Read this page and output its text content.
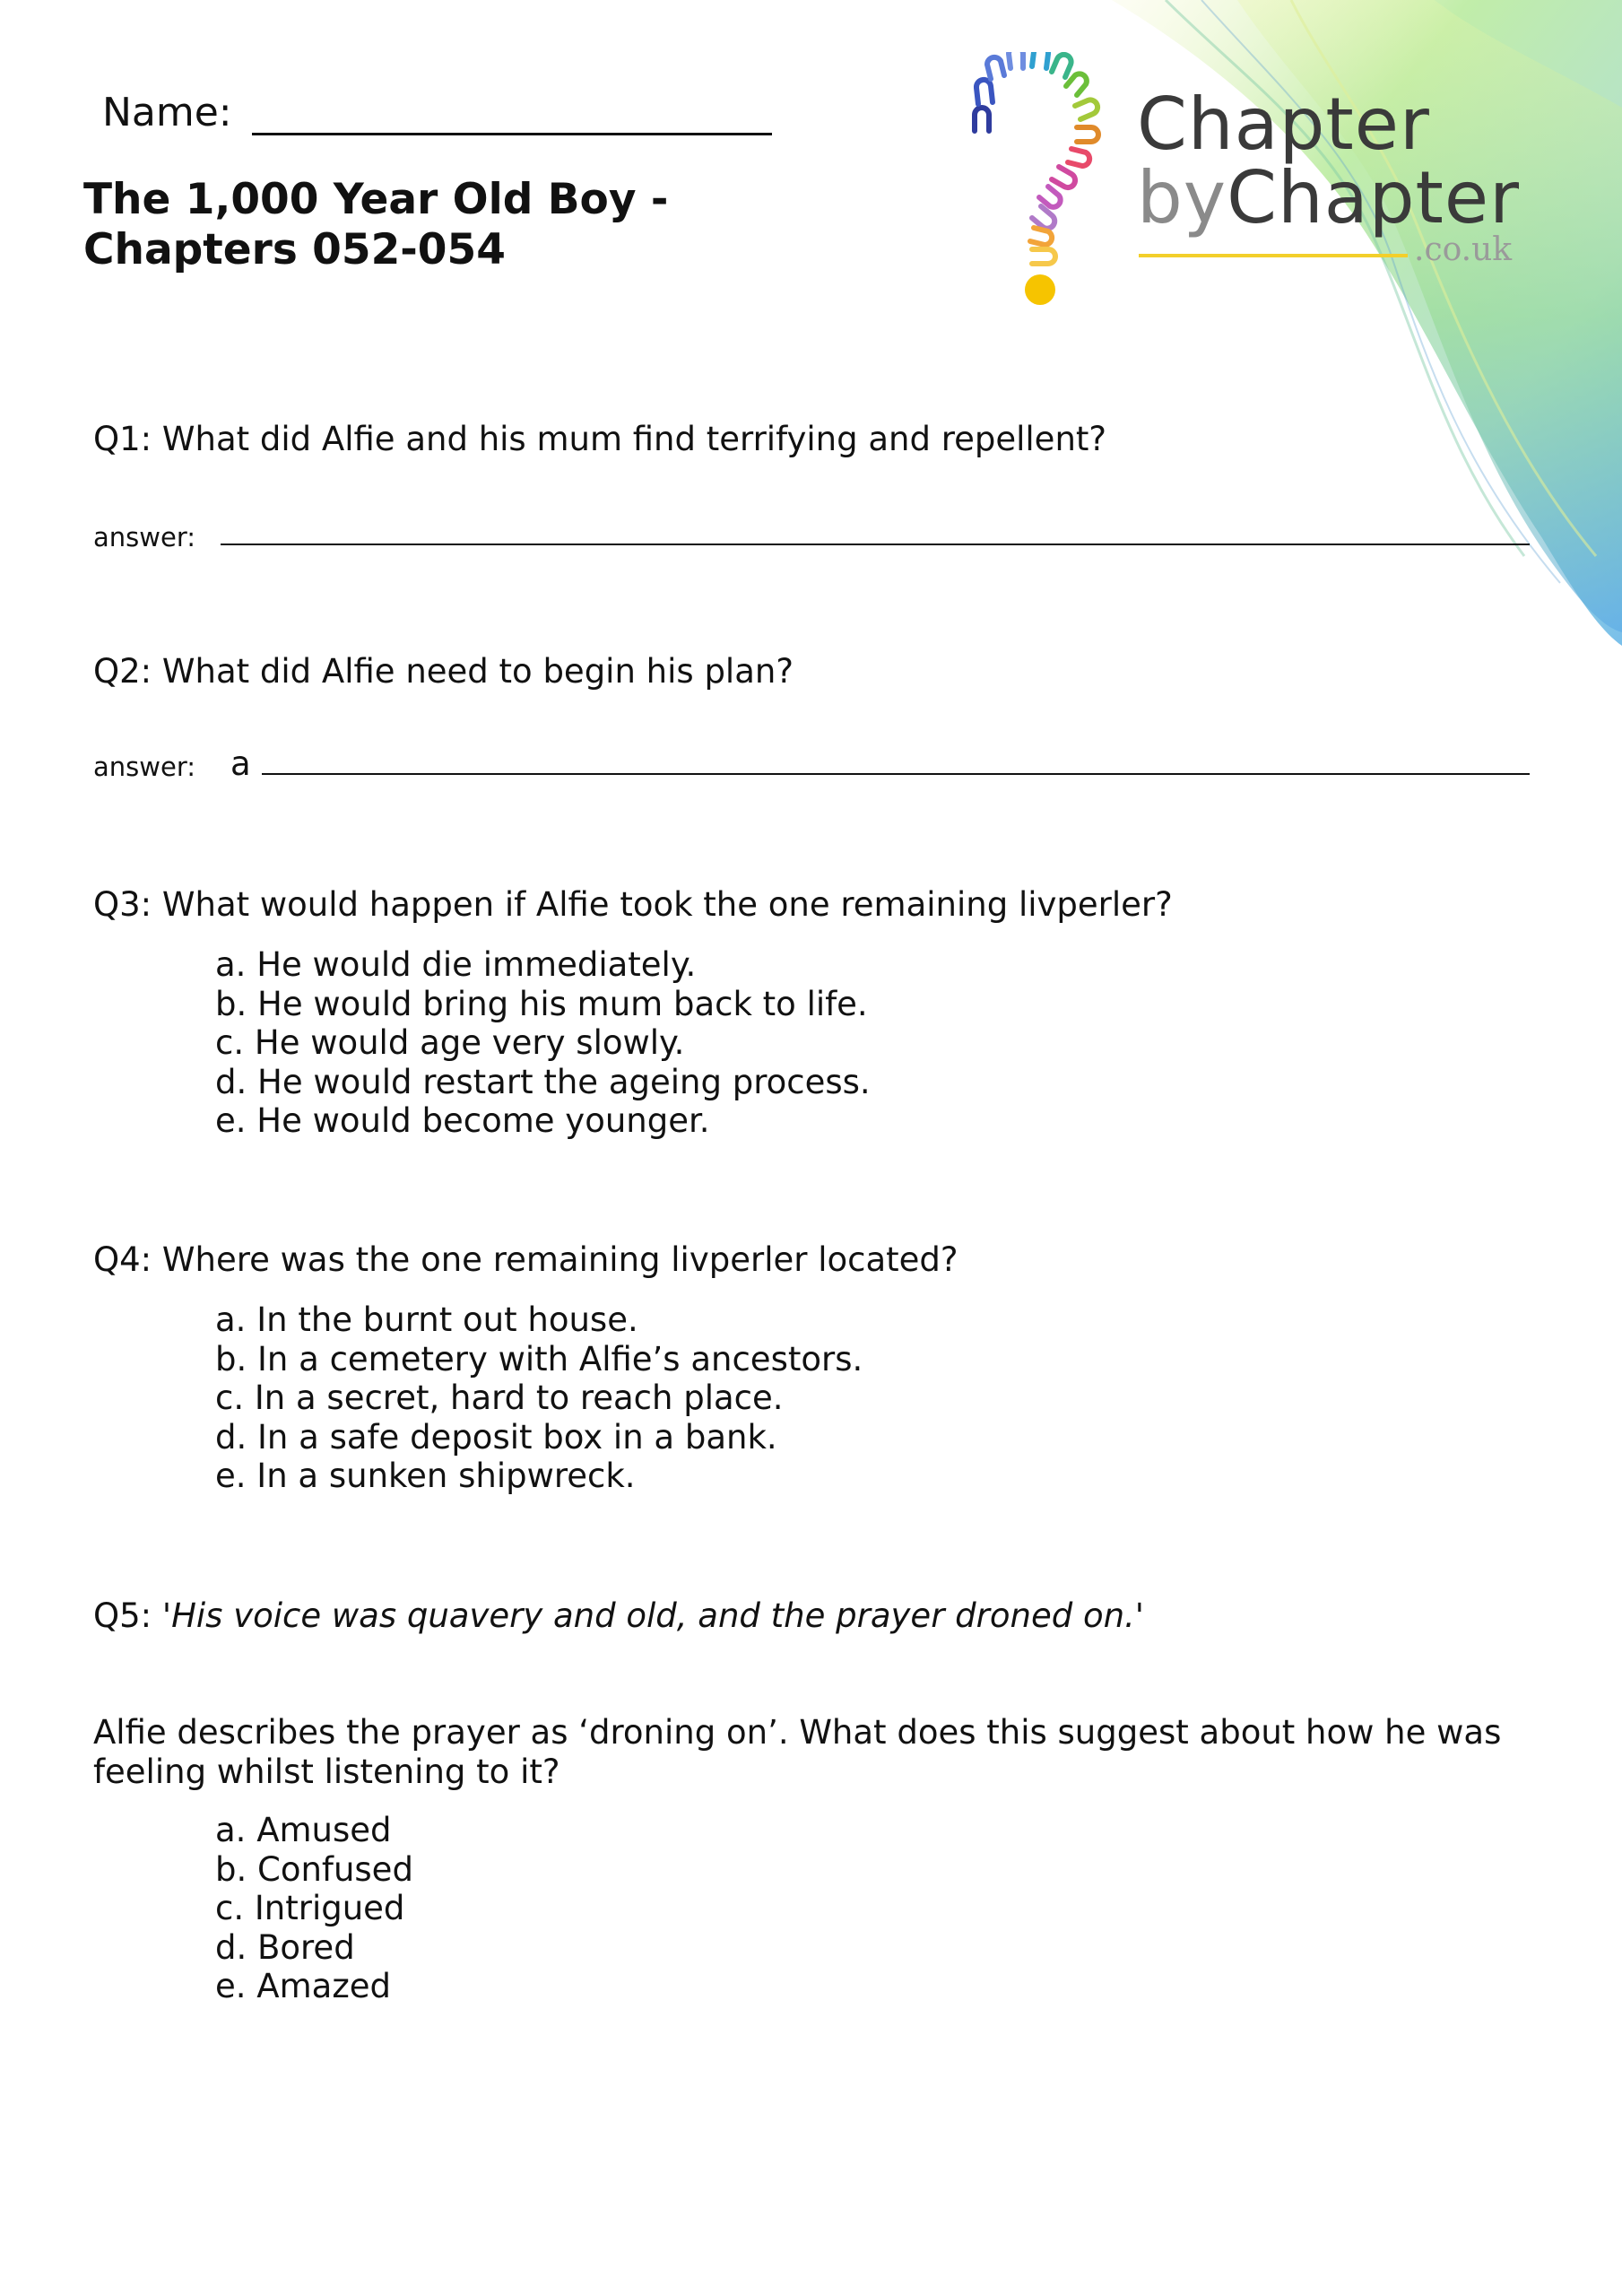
Name:
The 1,000 Year Old Boy - Chapters 052-054
Chapter
byChapter
.co.uk
Q1: What did Alfie and his mum find terrifying and repellent?
answer:
Q2: What did Alfie need to begin his plan?
answer: a
Q3: What would happen if Alfie took the one remaining livperler?
a. He would die immediately.
b. He would bring his mum back to life.
c. He would age very slowly.
d. He would restart the ageing process.
e. He would become younger.
Q4: Where was the one remaining livperler located?
a. In the burnt out house.
b. In a cemetery with Alfie’s ancestors.
c. In a secret, hard to reach place.
d. In a safe deposit box in a bank.
e. In a sunken shipwreck.
Q5: 'His voice was quavery and old, and the prayer droned on.'
Alfie describes the prayer as ‘droning on’. What does this suggest about how he was feeling whilst listening to it?
a. Amused
b. Confused
c. Intrigued
d. Bored
e. Amazed
